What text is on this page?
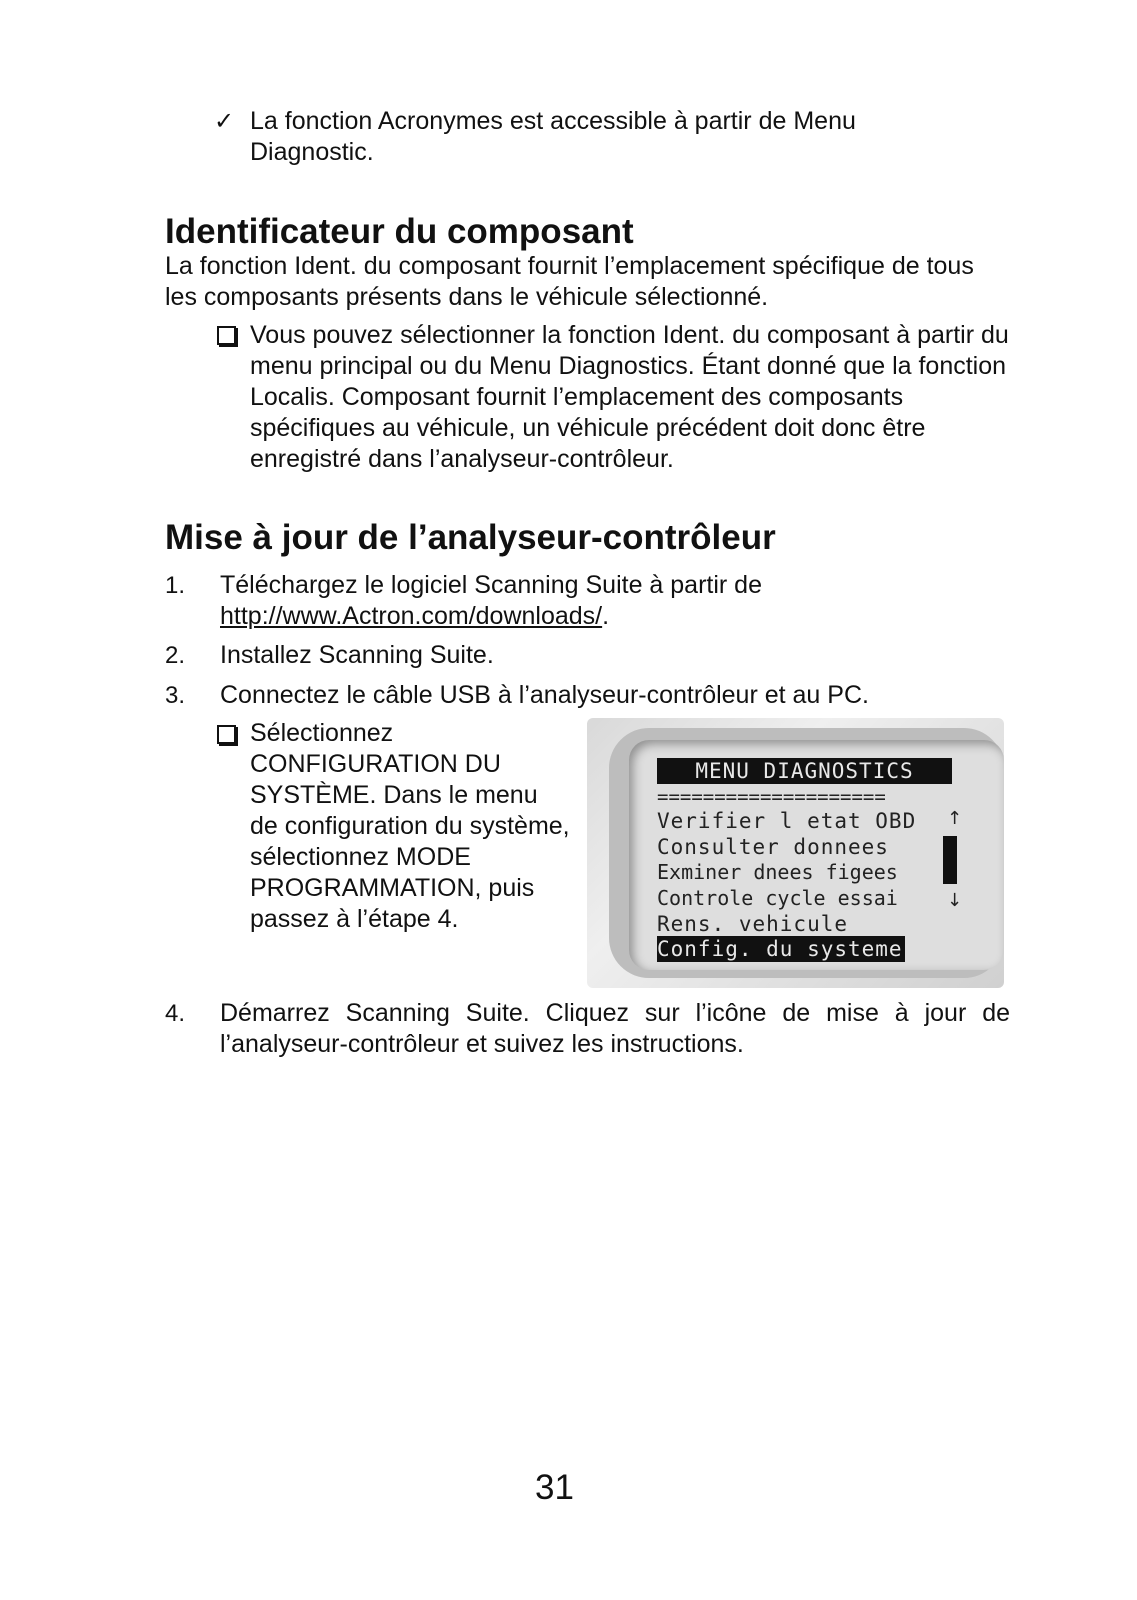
✓ La fonction Acronymes est accessible à partir de Menu Diagnostic.
Identificateur du composant
La fonction Ident. du composant fournit l’emplacement spécifique de tous les composants présents dans le véhicule sélectionné.
Vous pouvez sélectionner la fonction Ident. du composant à partir du menu principal ou du Menu Diagnostics. Étant donné que la fonction Localis. Composant fournit l’emplacement des composants spécifiques au véhicule, un véhicule précédent doit donc être enregistré dans l’analyseur-contrôleur.
Mise à jour de l’analyseur-contrôleur
1. Téléchargez le logiciel Scanning Suite à partir de http://www.Actron.com/downloads/.
2. Installez Scanning Suite.
3. Connectez le câble USB à l’analyseur-contrôleur et au PC.
Sélectionnez CONFIGURATION DU SYSTÈME. Dans le menu de configuration du système, sélectionnez MODE PROGRAMMATION, puis passez à l’étape 4.
MENU DIAGNOSTICS
====================
Verifier l etat OBD
Consulter donnees
Exminer dnees figees
Controle cycle essai
Rens. vehicule
Config. du systeme
↑
↓
4. Démarrez Scanning Suite. Cliquez sur l’icône de mise à jour de l’analyseur-contrôleur et suivez les instructions.
31
